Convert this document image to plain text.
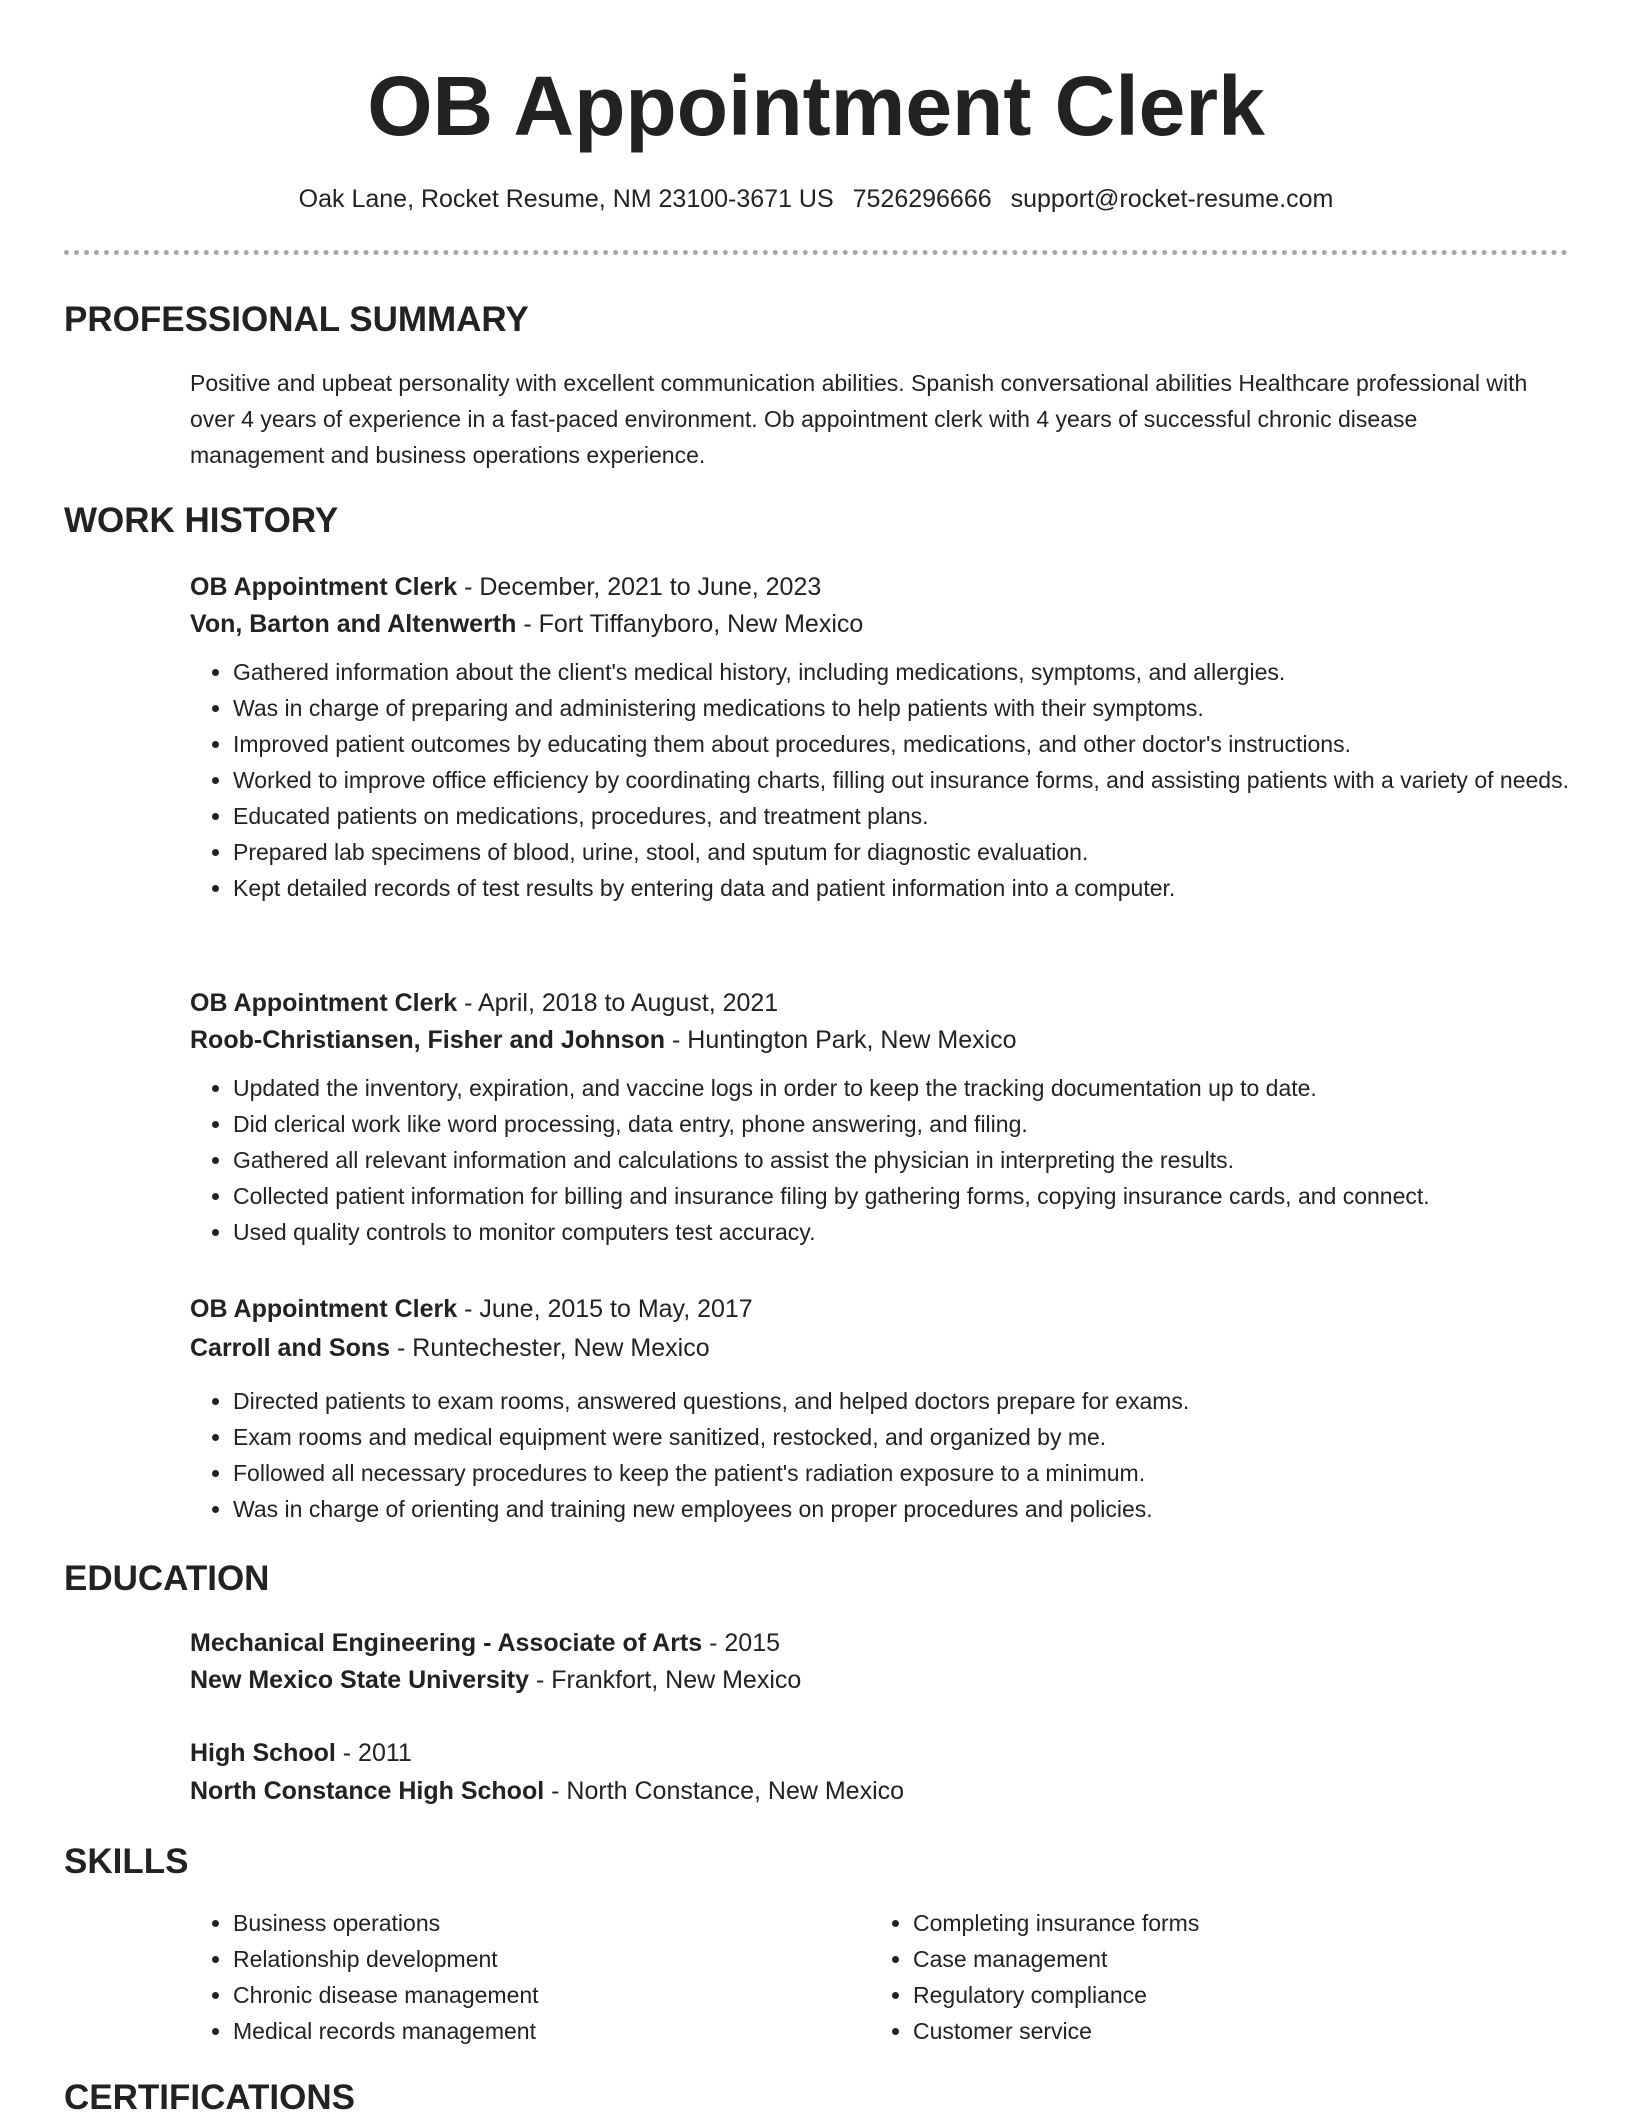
OB Appointment Clerk
Oak Lane, Rocket Resume, NM 23100-3671 US 7526296666 support@rocket-resume.com
PROFESSIONAL SUMMARY
Positive and upbeat personality with excellent communication abilities. Spanish conversational abilities Healthcare professional with over 4 years of experience in a fast-paced environment. Ob appointment clerk with 4 years of successful chronic disease management and business operations experience.
WORK HISTORY
OB Appointment Clerk - December, 2021 to June, 2023
Von, Barton and Altenwerth - Fort Tiffanyboro, New Mexico
• Gathered information about the client's medical history, including medications, symptoms, and allergies.
• Was in charge of preparing and administering medications to help patients with their symptoms.
• Improved patient outcomes by educating them about procedures, medications, and other doctor's instructions.
• Worked to improve office efficiency by coordinating charts, filling out insurance forms, and assisting patients with a variety of needs.
• Educated patients on medications, procedures, and treatment plans.
• Prepared lab specimens of blood, urine, stool, and sputum for diagnostic evaluation.
• Kept detailed records of test results by entering data and patient information into a computer.
OB Appointment Clerk - April, 2018 to August, 2021
Roob-Christiansen, Fisher and Johnson - Huntington Park, New Mexico
• Updated the inventory, expiration, and vaccine logs in order to keep the tracking documentation up to date.
• Did clerical work like word processing, data entry, phone answering, and filing.
• Gathered all relevant information and calculations to assist the physician in interpreting the results.
• Collected patient information for billing and insurance filing by gathering forms, copying insurance cards, and connect.
• Used quality controls to monitor computers test accuracy.
OB Appointment Clerk - June, 2015 to May, 2017
Carroll and Sons - Runtechester, New Mexico
• Directed patients to exam rooms, answered questions, and helped doctors prepare for exams.
• Exam rooms and medical equipment were sanitized, restocked, and organized by me.
• Followed all necessary procedures to keep the patient's radiation exposure to a minimum.
• Was in charge of orienting and training new employees on proper procedures and policies.
EDUCATION
Mechanical Engineering - Associate of Arts - 2015
New Mexico State University - Frankfort, New Mexico
High School - 2011
North Constance High School - North Constance, New Mexico
SKILLS
• Business operations
• Relationship development
• Chronic disease management
• Medical records management
• Completing insurance forms
• Case management
• Regulatory compliance
• Customer service
CERTIFICATIONS
